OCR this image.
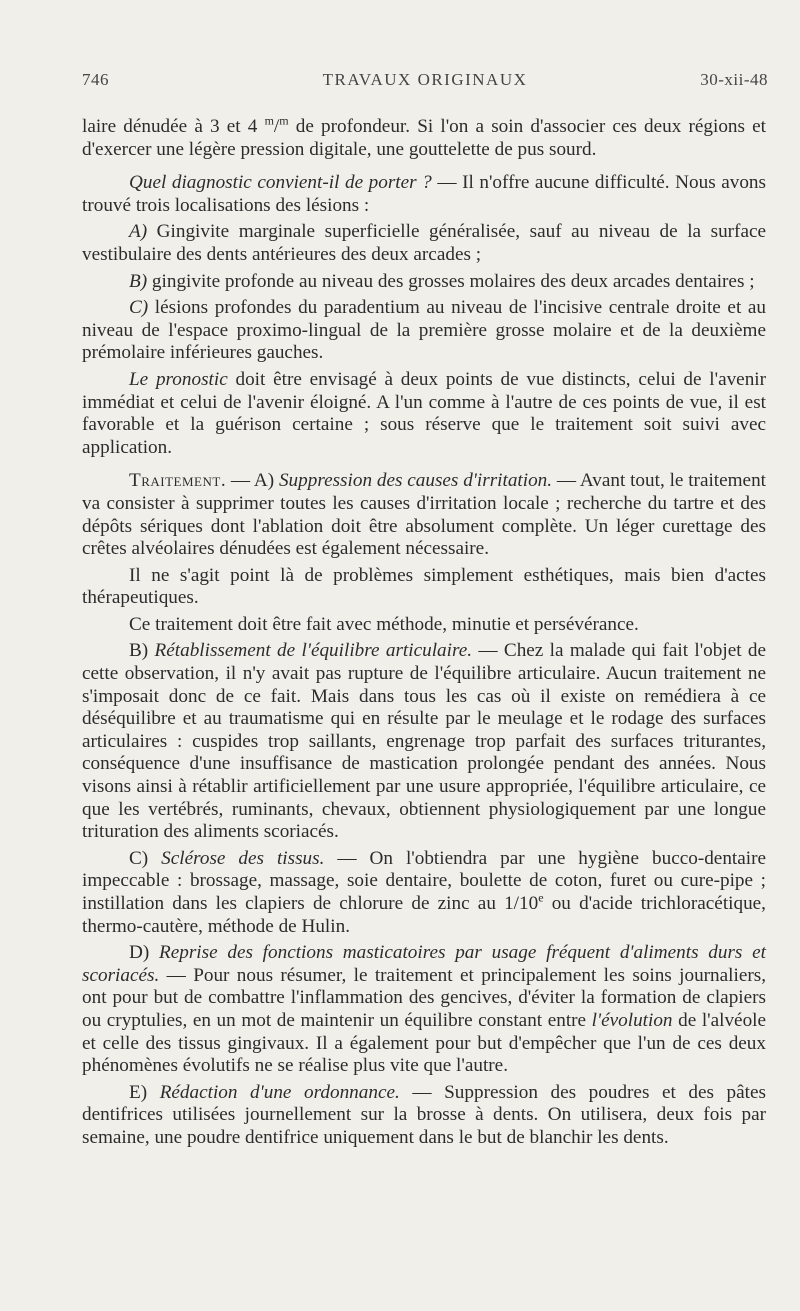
746	TRAVAUX ORIGINAUX	30-xii-48

laire dénudée à 3 et 4 $^m$/$^m$ de profondeur. Si l'on a soin d'associer ces deux régions et d'exercer une légère pression digitale, une gouttelette de pus sourd.

Quel diagnostic convient-il de porter ? — Il n'offre aucune difficulté. Nous avons trouvé trois localisations des lésions :

A) Gingivite marginale superficielle généralisée, sauf au niveau de la surface vestibulaire des dents antérieures des deux arcades ;

B) gingivite profonde au niveau des grosses molaires des deux arcades dentaires ;

C) lésions profondes du paradentium au niveau de l'incisive centrale droite et au niveau de l'espace proximo-lingual de la première grosse molaire et de la deuxième prémolaire inférieures gauches.

Le pronostic doit être envisagé à deux points de vue distincts, celui de l'avenir immédiat et celui de l'avenir éloigné. A l'un comme à l'autre de ces points de vue, il est favorable et la guérison certaine ; sous réserve que le traitement soit suivi avec application.

Traitement. — A) Suppression des causes d'irritation. — Avant tout, le traitement va consister à supprimer toutes les causes d'irritation locale ; recherche du tartre et des dépôts sériques dont l'ablation doit être absolument complète. Un léger curettage des crêtes alvéolaires dénudées est également nécessaire.

Il ne s'agit point là de problèmes simplement esthétiques, mais bien d'actes thérapeutiques.

Ce traitement doit être fait avec méthode, minutie et persévérance.

B) Rétablissement de l'équilibre articulaire. — Chez la malade qui fait l'objet de cette observation, il n'y avait pas rupture de l'équilibre articulaire. Aucun traitement ne s'imposait donc de ce fait. Mais dans tous les cas où il existe on remédiera à ce déséquilibre et au traumatisme qui en résulte par le meulage et le rodage des surfaces articulaires : cuspides trop saillants, engrenage trop parfait des surfaces triturantes, conséquence d'une insuffisance de mastication prolongée pendant des années. Nous visons ainsi à rétablir artificiellement par une usure appropriée, l'équilibre articulaire, ce que les vertébrés, ruminants, chevaux, obtiennent physiologiquement par une longue trituration des aliments scoriacés.

C) Sclérose des tissus. — On l'obtiendra par une hygiène bucco-dentaire impeccable : brossage, massage, soie dentaire, boulette de coton, furet ou cure-pipe ; instillation dans les clapiers de chlorure de zinc au 1/10e ou d'acide trichloracétique, thermo-cautère, méthode de Hulin.

D) Reprise des fonctions masticatoires par usage fréquent d'aliments durs et scoriacés. — Pour nous résumer, le traitement et principalement les soins journaliers, ont pour but de combattre l'inflammation des gencives, d'éviter la formation de clapiers ou cryptulies, en un mot de maintenir un équilibre constant entre l'évolution de l'alvéole et celle des tissus gingivaux. Il a également pour but d'empêcher que l'un de ces deux phénomènes évolutifs ne se réalise plus vite que l'autre.

E) Rédaction d'une ordonnance. — Suppression des poudres et des pâtes dentifrices utilisées journellement sur la brosse à dents. On utilisera, deux fois par semaine, une poudre dentifrice uniquement dans le but de blanchir les dents.
